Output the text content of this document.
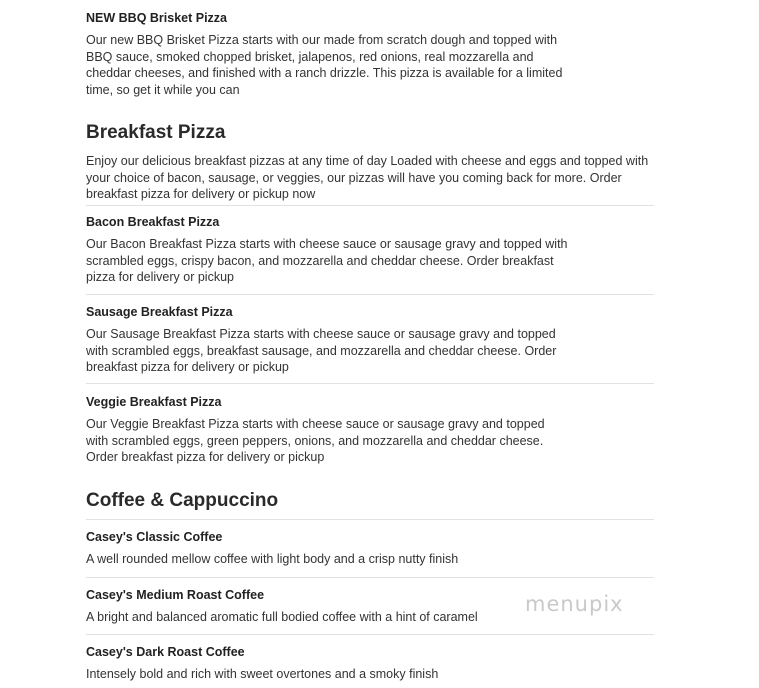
NEW BBQ Brisket Pizza
Our new BBQ Brisket Pizza starts with our made from scratch dough and topped with BBQ sauce, smoked chopped brisket, jalapenos, red onions, real mozzarella and cheddar cheeses, and finished with a ranch drizzle. This pizza is available for a limited time, so get it while you can
Breakfast Pizza
Enjoy our delicious breakfast pizzas at any time of day Loaded with cheese and eggs and topped with your choice of bacon, sausage, or veggies, our pizzas will have you coming back for more. Order breakfast pizza for delivery or pickup now
Bacon Breakfast Pizza
Our Bacon Breakfast Pizza starts with cheese sauce or sausage gravy and topped with scrambled eggs, crispy bacon, and mozzarella and cheddar cheese. Order breakfast pizza for delivery or pickup
Sausage Breakfast Pizza
Our Sausage Breakfast Pizza starts with cheese sauce or sausage gravy and topped with scrambled eggs, breakfast sausage, and mozzarella and cheddar cheese. Order breakfast pizza for delivery or pickup
Veggie Breakfast Pizza
Our Veggie Breakfast Pizza starts with cheese sauce or sausage gravy and topped with scrambled eggs, green peppers, onions, and mozzarella and cheddar cheese. Order breakfast pizza for delivery or pickup
Coffee & Cappuccino
Casey's Classic Coffee
A well rounded mellow coffee with light body and a crisp nutty finish
Casey's Medium Roast Coffee
A bright and balanced aromatic full bodied coffee with a hint of caramel
Casey's Dark Roast Coffee
Intensely bold and rich with sweet overtones and a smoky finish
menupix
